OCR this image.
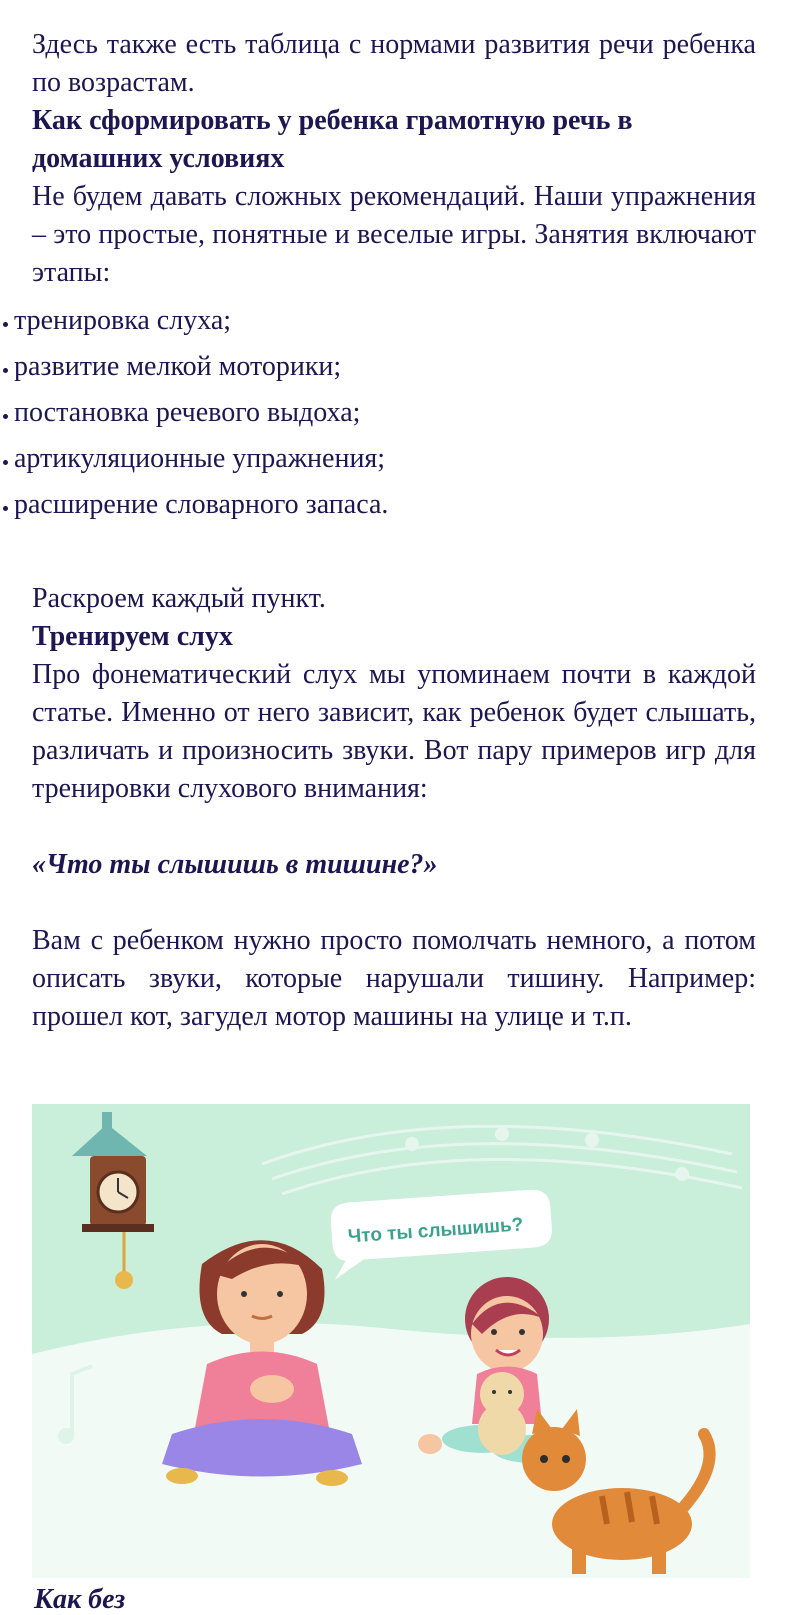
Здесь также есть таблица с нормами развития речи ребенка по возрастам.

Как сформировать у ребенка грамотную речь в домашних условиях

Не будем давать сложных рекомендаций. Наши упражнения – это простые, понятные и веселые игры. Занятия включают этапы:

тренировка слуха;
развитие мелкой моторики;
постановка речевого выдоха;
артикуляционные упражнения;
расширение словарного запаса.

Раскроем каждый пункт.

Тренируем слух

Про фонематический слух мы упоминаем почти в каждой статье. Именно от него зависит, как ребенок будет слышать, различать и произносить звуки. Вот пару примеров игр для тренировки слухового внимания:

«Что ты слышишь в тишине?»

Вам с ребенком нужно просто помолчать немного, а потом описать звуки, которые нарушали тишину. Например: прошел кот, загудел мотор машины на улице и т.п.

Что ты слышишь?
Как без
